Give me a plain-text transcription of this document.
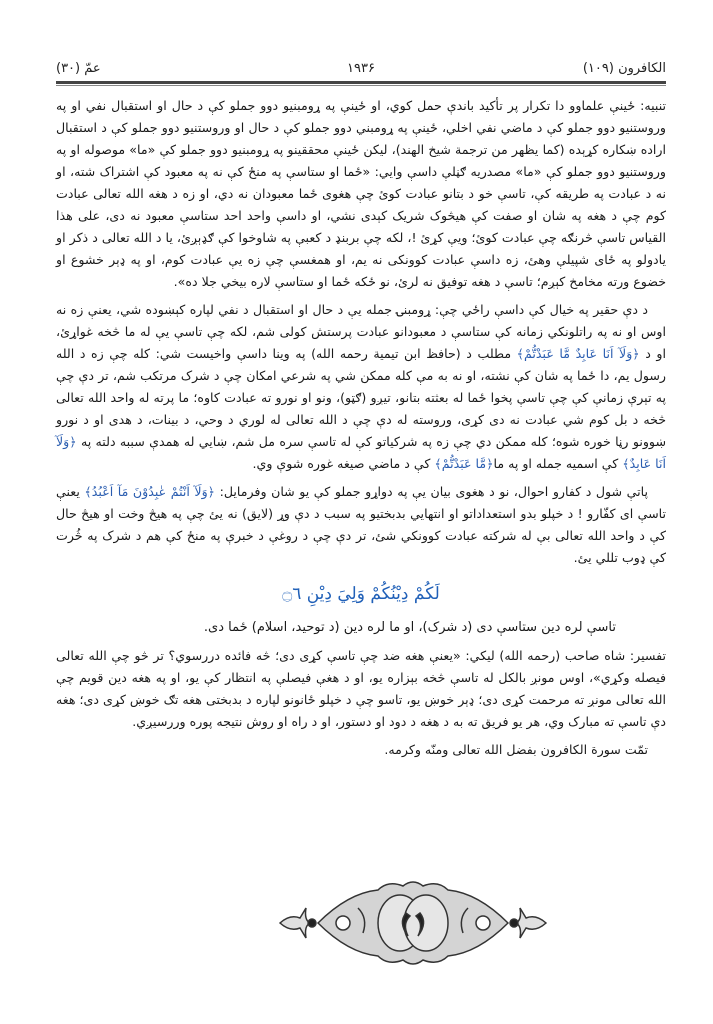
الكافرون (١٠٩)
١٩٣۶
عمّ (٣٠)

تنبیه: ځینې علماوو دا تکرار پر تأکید باندې حمل کوي، او ځینې په ړومبنیو دوو جملو کې د حال او استقبال نفي او په وروستنیو دوو جملو کې د ماضي نفي اخلي، ځینې په ړومبني دوو جملو کې د حال او وروستنیو دوو جملو کې د استقبال اراده ښکاره کړېده (کما یظهر من ترجمة شیخ الهند)، لیکن ځینې محققینو په ړومبنیو دوو جملو کې «ما» موصوله او په وروستنیو دوو جملو کې «ما» مصدریه ګڼلې داسې وایي: «ځما او ستاسې په منځ کې نه په معبود کې اشتراک شته، او نه د عبادت په طریقه کې، تاسې خو د بتانو عبادت کوئ چې هغوی ځما معبودان نه دي، او زه د هغه الله تعالی عبادت کوم چې د هغه په شان او صفت کې هیڅوک شریک کېدی نشي، او داسې واحد احد ستاسې معبود نه دی، علی هذا القیاس تاسې څرنګه چې عبادت کوئ؛ ویې کړئ !، لکه چې بربنډ د کعبې په شاوخوا کې ګډېږئ، یا د الله تعالی د ذکر او یادولو په ځای شپیلې وهئ، زه داسې عبادت کوونکی نه یم، او همغسې چې زه یې عبادت کوم، او په ډېر خشوع او خضوع ورته مخامخ کېږم؛ تاسې د هغه توفیق نه لرئ، نو ځکه ځما او ستاسې لاره بیخي جلا ده».

د دې حقیر په خیال کې داسې راځي چې: ړومبنۍ جمله یې د حال او استقبال د نفي لپاره کېښوده شي، یعنې زه نه اوس او نه په راتلونکي زمانه کې ستاسې د معبودانو عبادت پرستش کولی شم، لکه چې تاسې یې له ما څخه غواړئ، او د ﴿وَلَآ اَنَا عَابِدٌ مَّا عَبَدْتُّمْ﴾ مطلب د (حافظ ابن تیمیة رحمه الله) په وینا داسې واخیست شي: کله چې زه د الله رسول یم، دا ځما په شان کې نشته، او نه به مې کله ممکن شي په شرعي امکان چې د شرک مرتکب شم، تر دې چې په تېرې زمانې کې چې تاسې پخوا ځما له بعثته بتانو، تیږو (ګټو)، ونو او نورو ته عبادت کاوه؛ ما پرته له واحد الله تعالی څخه د بل کوم شي عبادت نه دی کړی، وروسته له دې چې د الله تعالی له لوري د وحي، د بینات، د هدی او د نورو ښوونو رڼا خوره شوه؛ کله ممکن دي چې زه په شرکیاتو کې له تاسې سره مل شم، ښایي له همدې سببه دلته په ﴿وَلَآ اَنَا عَابِدٌ﴾ کې اسمیه جمله او په ما﴿مَّا عَبَدْتُّمْ﴾ کې د ماضي صیغه غوره شوې وي.

پاتې شول د کفارو احوال، نو د هغوی بیان یې په دواړو جملو کې یو شان وفرمایل: ﴿وَلَآ اَنْتُمْ عٰبِدُوْنَ مَآ اَعْبُدُ﴾ یعنې تاسې ای کفّارو ! د خپلو بدو استعداداتو او انتهایي بدبختیو په سبب د دې وړ (لایق) نه یئ چې په هیڅ وخت او هیڅ حال کې د واحد الله تعالی بې له شرکته عبادت کوونکي شئ، تر دې چې د روغې د خبرې په منځ کې هم د شرک په څُرت کې ډوب تللي یئ.

لَكُمْ دِيْنُكُمْ وَلِيَ دِيْنِ ۝٦

تاسې لره دین ستاسې دی (د شرک)، او ما لره دین (د توحید، اسلام) ځما دی.

تفسیر: شاه صاحب (رحمه الله) لیکي: «یعنې هغه ضد چې تاسې کړی دی؛ څه فائده دررسوي؟ تر څو چې الله تعالی فیصله وکړي»، اوس مونږ بالکل له تاسې څخه بېزاره یو، او د هغې فیصلې په انتظار کې یو، او په هغه دین قویم چې الله تعالی مونږ ته مرحمت کړی دی؛ ډېر خوښ یو، تاسو چې د خپلو ځانونو لپاره د بدبختی هغه تګ خوښ کړی دی؛ هغه دې تاسې ته مبارک وي، هر یو فریق ته به د هغه د دود او دستور، او د راه او روش نتیجه پوره وررسیږي.

تمّت سورة الکافرون بفضل الله تعالی ومنّه وکرمه.
